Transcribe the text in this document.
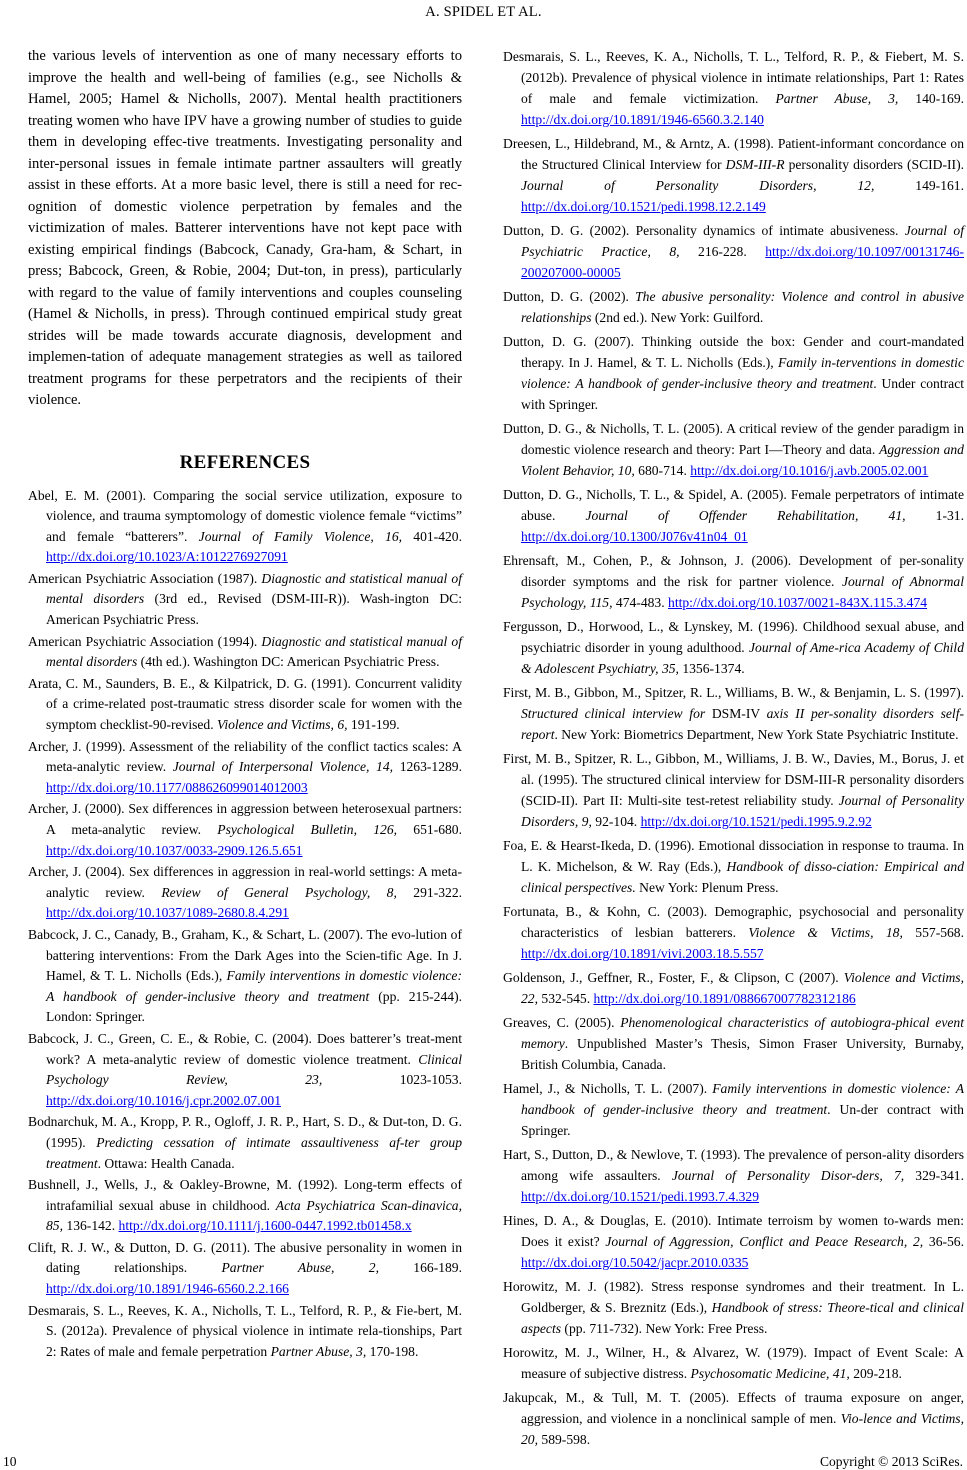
A. SPIDEL ET AL.

the various levels of intervention as one of many necessary efforts to improve the health and well-being of families (e.g., see Nicholls & Hamel, 2005; Hamel & Nicholls, 2007). Mental health practitioners treating women who have IPV have a growing number of studies to guide them in developing effec-tive treatments. Investigating personality and inter-personal issues in female intimate partner assaulters will greatly assist in these efforts. At a more basic level, there is still a need for rec-ognition of domestic violence perpetration by females and the victimization of males. Batterer interventions have not kept pace with existing empirical findings (Babcock, Canady, Gra-ham, & Schart, in press; Babcock, Green, & Robie, 2004; Dut-ton, in press), particularly with regard to the value of family interventions and couples counseling (Hamel & Nicholls, in press). Through continued empirical study great strides will be made towards accurate diagnosis, development and implemen-tation of adequate management strategies as well as tailored treatment programs for these perpetrators and the recipients of their violence.

REFERENCES

Abel, E. M. (2001). Comparing the social service utilization, exposure to violence, and trauma symptomology of domestic violence female “victims” and female “batterers”. Journal of Family Violence, 16, 401-420. http://dx.doi.org/10.1023/A:1012276927091

American Psychiatric Association (1987). Diagnostic and statistical manual of mental disorders (3rd ed., Revised (DSM-III-R)). Wash-ington DC: American Psychiatric Press.

American Psychiatric Association (1994). Diagnostic and statistical manual of mental disorders (4th ed.). Washington DC: American Psychiatric Press.

Arata, C. M., Saunders, B. E., & Kilpatrick, D. G. (1991). Concurrent validity of a crime-related post-traumatic stress disorder scale for women with the symptom checklist-90-revised. Violence and Victims, 6, 191-199.

Archer, J. (1999). Assessment of the reliability of the conflict tactics scales: A meta-analytic review. Journal of Interpersonal Violence, 14, 1263-1289. http://dx.doi.org/10.1177/088626099014012003

Archer, J. (2000). Sex differences in aggression between heterosexual partners: A meta-analytic review. Psychological Bulletin, 126, 651-680. http://dx.doi.org/10.1037/0033-2909.126.5.651

Archer, J. (2004). Sex differences in aggression in real-world settings: A meta-analytic review. Review of General Psychology, 8, 291-322. http://dx.doi.org/10.1037/1089-2680.8.4.291

Babcock, J. C., Canady, B., Graham, K., & Schart, L. (2007). The evo-lution of battering interventions: From the Dark Ages into the Scien-tific Age. In J. Hamel, & T. L. Nicholls (Eds.), Family interventions in domestic violence: A handbook of gender-inclusive theory and treatment (pp. 215-244). London: Springer.

Babcock, J. C., Green, C. E., & Robie, C. (2004). Does batterer’s treat-ment work? A meta-analytic review of domestic violence treatment. Clinical Psychology Review, 23, 1023-1053. http://dx.doi.org/10.1016/j.cpr.2002.07.001

Bodnarchuk, M. A., Kropp, P. R., Ogloff, J. R. P., Hart, S. D., & Dut-ton, D. G. (1995). Predicting cessation of intimate assaultiveness af-ter group treatment. Ottawa: Health Canada.

Bushnell, J., Wells, J., & Oakley-Browne, M. (1992). Long-term effects of intrafamilial sexual abuse in childhood. Acta Psychiatrica Scan-dinavica, 85, 136-142. http://dx.doi.org/10.1111/j.1600-0447.1992.tb01458.x

Clift, R. J. W., & Dutton, D. G. (2011). The abusive personality in women in dating relationships. Partner Abuse, 2, 166-189. http://dx.doi.org/10.1891/1946-6560.2.2.166

Desmarais, S. L., Reeves, K. A., Nicholls, T. L., Telford, R. P., & Fie-bert, M. S. (2012a). Prevalence of physical violence in intimate rela-tionships, Part 2: Rates of male and female perpetration Partner Abuse, 3, 170-198.

Desmarais, S. L., Reeves, K. A., Nicholls, T. L., Telford, R. P., & Fiebert, M. S. (2012b). Prevalence of physical violence in intimate relationships, Part 1: Rates of male and female victimization. Partner Abuse, 3, 140-169. http://dx.doi.org/10.1891/1946-6560.3.2.140

Dreesen, L., Hildebrand, M., & Arntz, A. (1998). Patient-informant concordance on the Structured Clinical Interview for DSM-III-R personality disorders (SCID-II). Journal of Personality Disorders, 12, 149-161. http://dx.doi.org/10.1521/pedi.1998.12.2.149

Dutton, D. G. (2002). Personality dynamics of intimate abusiveness. Journal of Psychiatric Practice, 8, 216-228. http://dx.doi.org/10.1097/00131746-200207000-00005

Dutton, D. G. (2002). The abusive personality: Violence and control in abusive relationships (2nd ed.). New York: Guilford.

Dutton, D. G. (2007). Thinking outside the box: Gender and court-mandated therapy. In J. Hamel, & T. L. Nicholls (Eds.), Family in-terventions in domestic violence: A handbook of gender-inclusive theory and treatment. Under contract with Springer.

Dutton, D. G., & Nicholls, T. L. (2005). A critical review of the gender paradigm in domestic violence research and theory: Part I—Theory and data. Aggression and Violent Behavior, 10, 680-714. http://dx.doi.org/10.1016/j.avb.2005.02.001

Dutton, D. G., Nicholls, T. L., & Spidel, A. (2005). Female perpetrators of intimate abuse. Journal of Offender Rehabilitation, 41, 1-31. http://dx.doi.org/10.1300/J076v41n04_01

Ehrensaft, M., Cohen, P., & Johnson, J. (2006). Development of per-sonality disorder symptoms and the risk for partner violence. Journal of Abnormal Psychology, 115, 474-483. http://dx.doi.org/10.1037/0021-843X.115.3.474

Fergusson, D., Horwood, L., & Lynskey, M. (1996). Childhood sexual abuse, and psychiatric disorder in young adulthood. Journal of Ame-rica Academy of Child & Adolescent Psychiatry, 35, 1356-1374.

First, M. B., Gibbon, M., Spitzer, R. L., Williams, B. W., & Benjamin, L. S. (1997). Structured clinical interview for DSM-IV axis II per-sonality disorders self-report. New York: Biometrics Department, New York State Psychiatric Institute.

First, M. B., Spitzer, R. L., Gibbon, M., Williams, J. B. W., Davies, M., Borus, J. et al. (1995). The structured clinical interview for DSM-III-R personality disorders (SCID-II). Part II: Multi-site test-retest reliability study. Journal of Personality Disorders, 9, 92-104. http://dx.doi.org/10.1521/pedi.1995.9.2.92

Foa, E. & Hearst-Ikeda, D. (1996). Emotional dissociation in response to trauma. In L. K. Michelson, & W. Ray (Eds.), Handbook of disso-ciation: Empirical and clinical perspectives. New York: Plenum Press.

Fortunata, B., & Kohn, C. (2003). Demographic, psychosocial and personality characteristics of lesbian batterers. Violence & Victims, 18, 557-568. http://dx.doi.org/10.1891/vivi.2003.18.5.557

Goldenson, J., Geffner, R., Foster, F., & Clipson, C (2007). Violence and Victims, 22, 532-545. http://dx.doi.org/10.1891/088667007782312186

Greaves, C. (2005). Phenomenological characteristics of autobiogra-phical event memory. Unpublished Master’s Thesis, Simon Fraser University, Burnaby, British Columbia, Canada.

Hamel, J., & Nicholls, T. L. (2007). Family interventions in domestic violence: A handbook of gender-inclusive theory and treatment. Un-der contract with Springer.

Hart, S., Dutton, D., & Newlove, T. (1993). The prevalence of person-ality disorders among wife assaulters. Journal of Personality Disor-ders, 7, 329-341. http://dx.doi.org/10.1521/pedi.1993.7.4.329

Hines, D. A., & Douglas, E. (2010). Intimate terroism by women to-wards men: Does it exist? Journal of Aggression, Conflict and Peace Research, 2, 36-56. http://dx.doi.org/10.5042/jacpr.2010.0335

Horowitz, M. J. (1982). Stress response syndromes and their treatment. In L. Goldberger, & S. Breznitz (Eds.), Handbook of stress: Theore-tical and clinical aspects (pp. 711-732). New York: Free Press.

Horowitz, M. J., Wilner, H., & Alvarez, W. (1979). Impact of Event Scale: A measure of subjective distress. Psychosomatic Medicine, 41, 209-218.

Jakupcak, M., & Tull, M. T. (2005). Effects of trauma exposure on anger, aggression, and violence in a nonclinical sample of men. Vio-lence and Victims, 20, 589-598.

10	Copyright © 2013 SciRes.
